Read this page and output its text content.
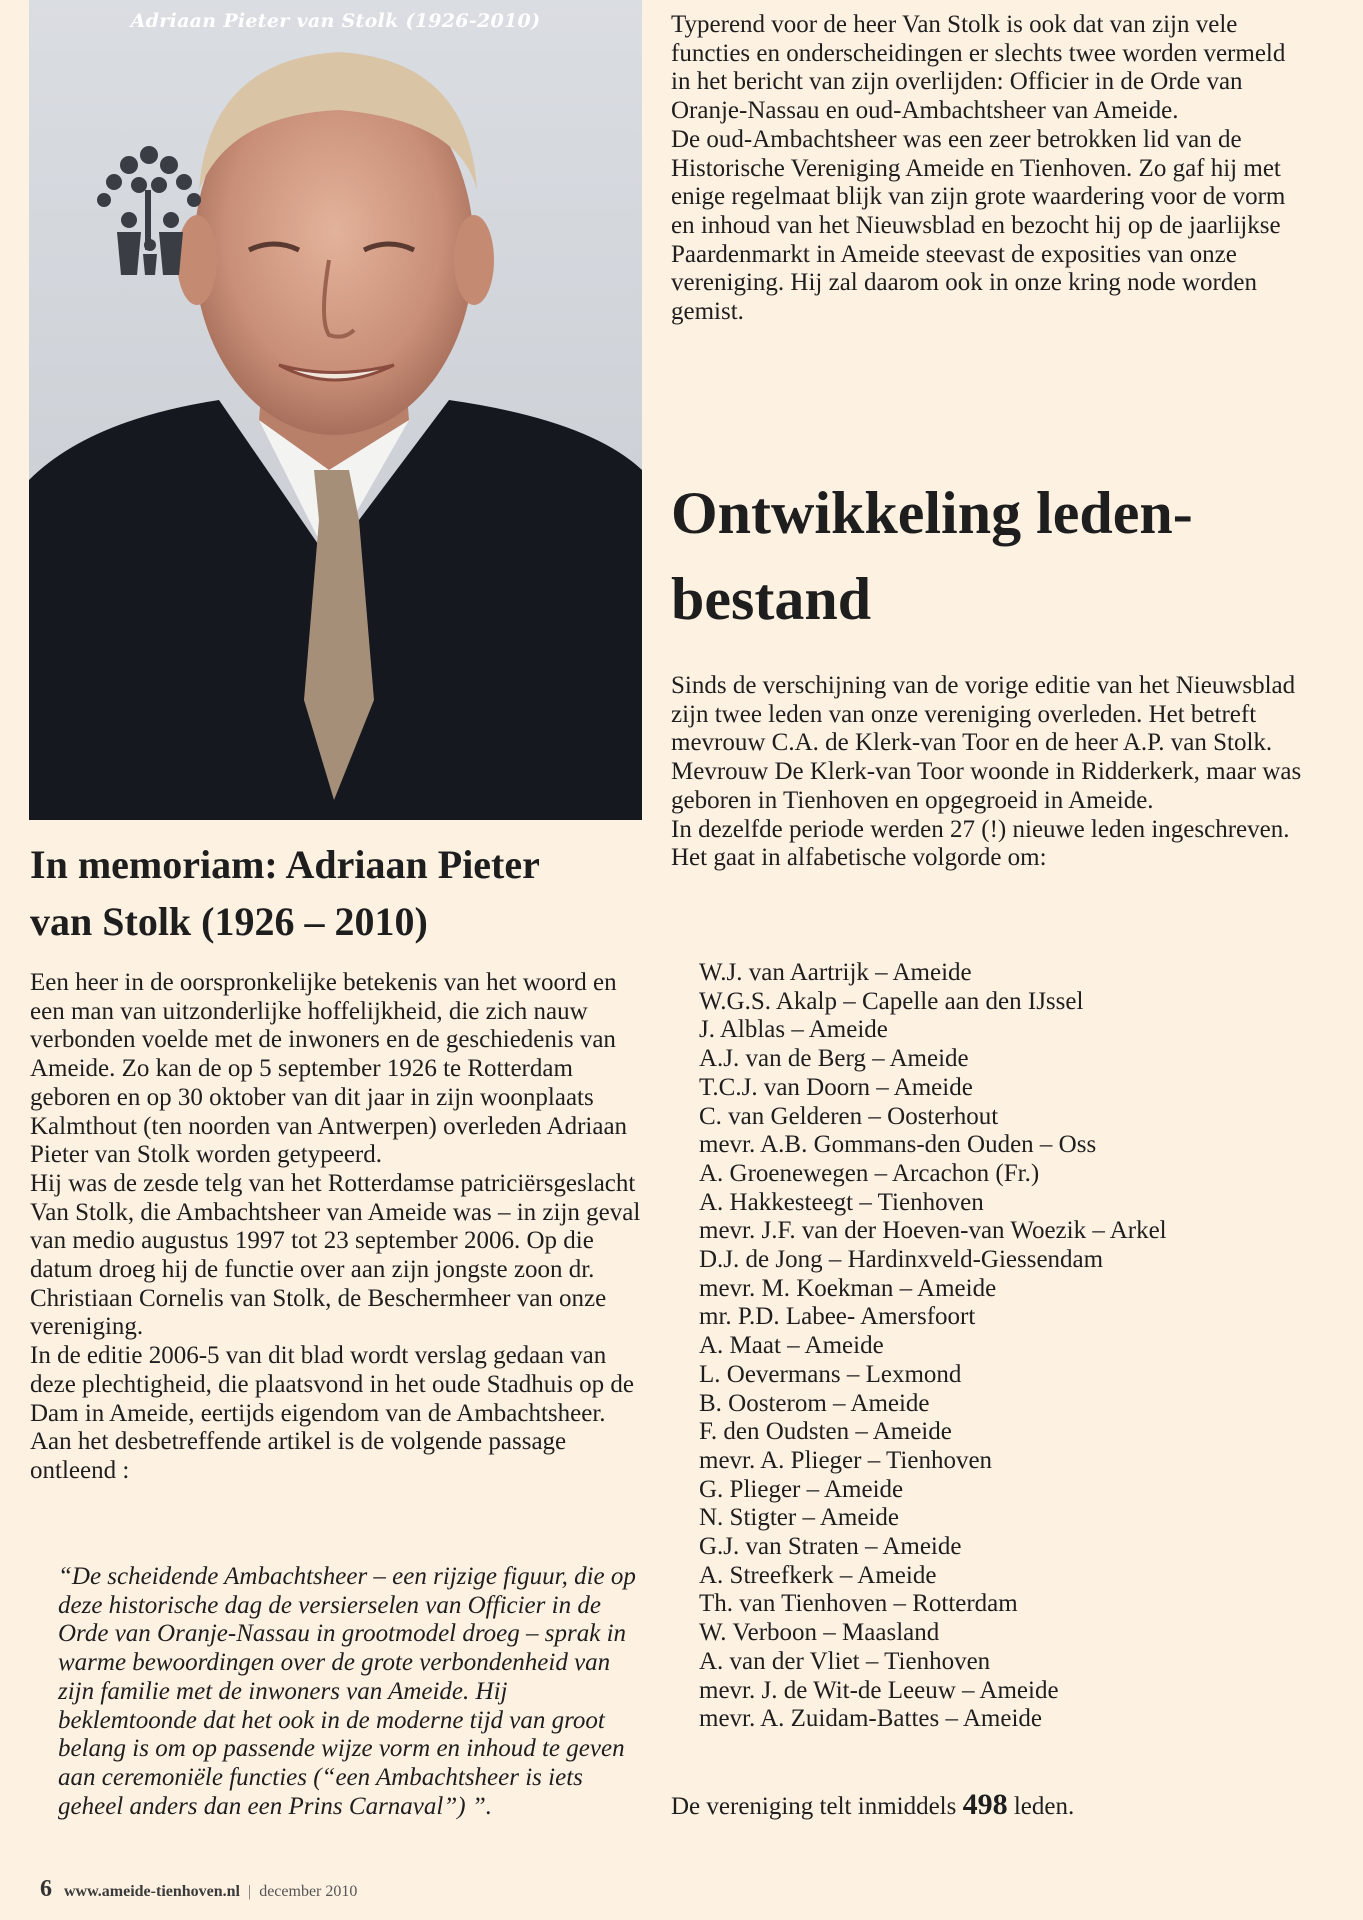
Adriaan Pieter van Stolk (1926-2010)
In memoriam: Adriaan Pieter
van Stolk (1926 – 2010)
Een heer in de oorspronkelijke betekenis van het woord en een man van uitzonderlijke hoffelijkheid, die zich nauw verbonden voelde met de inwoners en de geschiedenis van Ameide. Zo kan de op 5 september 1926 te Rotterdam geboren en op 30 oktober van dit jaar in zijn woonplaats Kalmthout (ten noorden van Antwerpen) overleden Adriaan Pieter van Stolk worden getypeerd.
Hij was de zesde telg van het Rotterdamse patriciërsgeslacht Van Stolk, die Ambachtsheer van Ameide was – in zijn geval van medio augustus 1997 tot 23 september 2006. Op die datum droeg hij de functie over aan zijn jongste zoon dr. Christiaan Cornelis van Stolk, de Beschermheer van onze vereniging.
In de editie 2006-5 van dit blad wordt verslag gedaan van deze plechtigheid, die plaatsvond in het oude Stadhuis op de Dam in Ameide, eertijds eigendom van de Ambachtsheer. Aan het desbetreffende artikel is de volgende passage ontleend :

“De scheidende Ambachtsheer – een rijzige figuur, die op deze historische dag de versierselen van Officier in de Orde van Oranje-Nassau in grootmodel droeg – sprak in warme bewoordingen over de grote verbondenheid van zijn familie met de inwoners van Ameide. Hij beklemtoonde dat het ook in de moderne tijd van groot belang is om op passende wijze vorm en inhoud te geven aan ceremoniële functies (“een Ambachtsheer is iets geheel anders dan een Prins Carnaval”) ”.

Typerend voor de heer Van Stolk is ook dat van zijn vele functies en onderscheidingen er slechts twee worden vermeld in het bericht van zijn overlijden: Officier in de Orde van Oranje-Nassau en oud-Ambachtsheer van Ameide.
De oud-Ambachtsheer was een zeer betrokken lid van de Historische Vereniging Ameide en Tienhoven. Zo gaf hij met enige regelmaat blijk van zijn grote waardering voor de vorm en inhoud van het Nieuwsblad en bezocht hij op de jaarlijkse Paardenmarkt in Ameide steevast de exposities van onze vereniging. Hij zal daarom ook in onze kring node worden gemist.
Ontwikkeling leden-
bestand
Sinds de verschijning van de vorige editie van het Nieuwsblad zijn twee leden van onze vereniging overleden. Het betreft mevrouw C.A. de Klerk-van Toor en de heer A.P. van Stolk.
Mevrouw De Klerk-van Toor woonde in Ridderkerk, maar was geboren in Tienhoven en opgegroeid in Ameide.
In dezelfde periode werden 27 (!) nieuwe leden ingeschreven. Het gaat in alfabetische volgorde om:
W.J. van Aartrijk – Ameide
W.G.S. Akalp – Capelle aan den IJssel
J. Alblas – Ameide
A.J. van de Berg – Ameide
T.C.J. van Doorn – Ameide
C. van Gelderen – Oosterhout
mevr. A.B. Gommans-den Ouden – Oss
A. Groenewegen – Arcachon (Fr.)
A. Hakkesteegt – Tienhoven
mevr. J.F. van der Hoeven-van Woezik – Arkel
D.J. de Jong – Hardinxveld-Giessendam
mevr. M. Koekman – Ameide
mr. P.D. Labee- Amersfoort
A. Maat – Ameide
L. Oevermans – Lexmond
B. Oosterom – Ameide
F. den Oudsten – Ameide
mevr. A. Plieger – Tienhoven
G. Plieger – Ameide
N. Stigter – Ameide
G.J. van Straten – Ameide
A. Streefkerk – Ameide
Th. van Tienhoven – Rotterdam
W. Verboon – Maasland
A. van der Vliet – Tienhoven
mevr. J. de Wit-de Leeuw – Ameide
mevr. A. Zuidam-Battes – Ameide
De vereniging telt inmiddels 498 leden.
6 www.ameide-tienhoven.nl | december 2010
